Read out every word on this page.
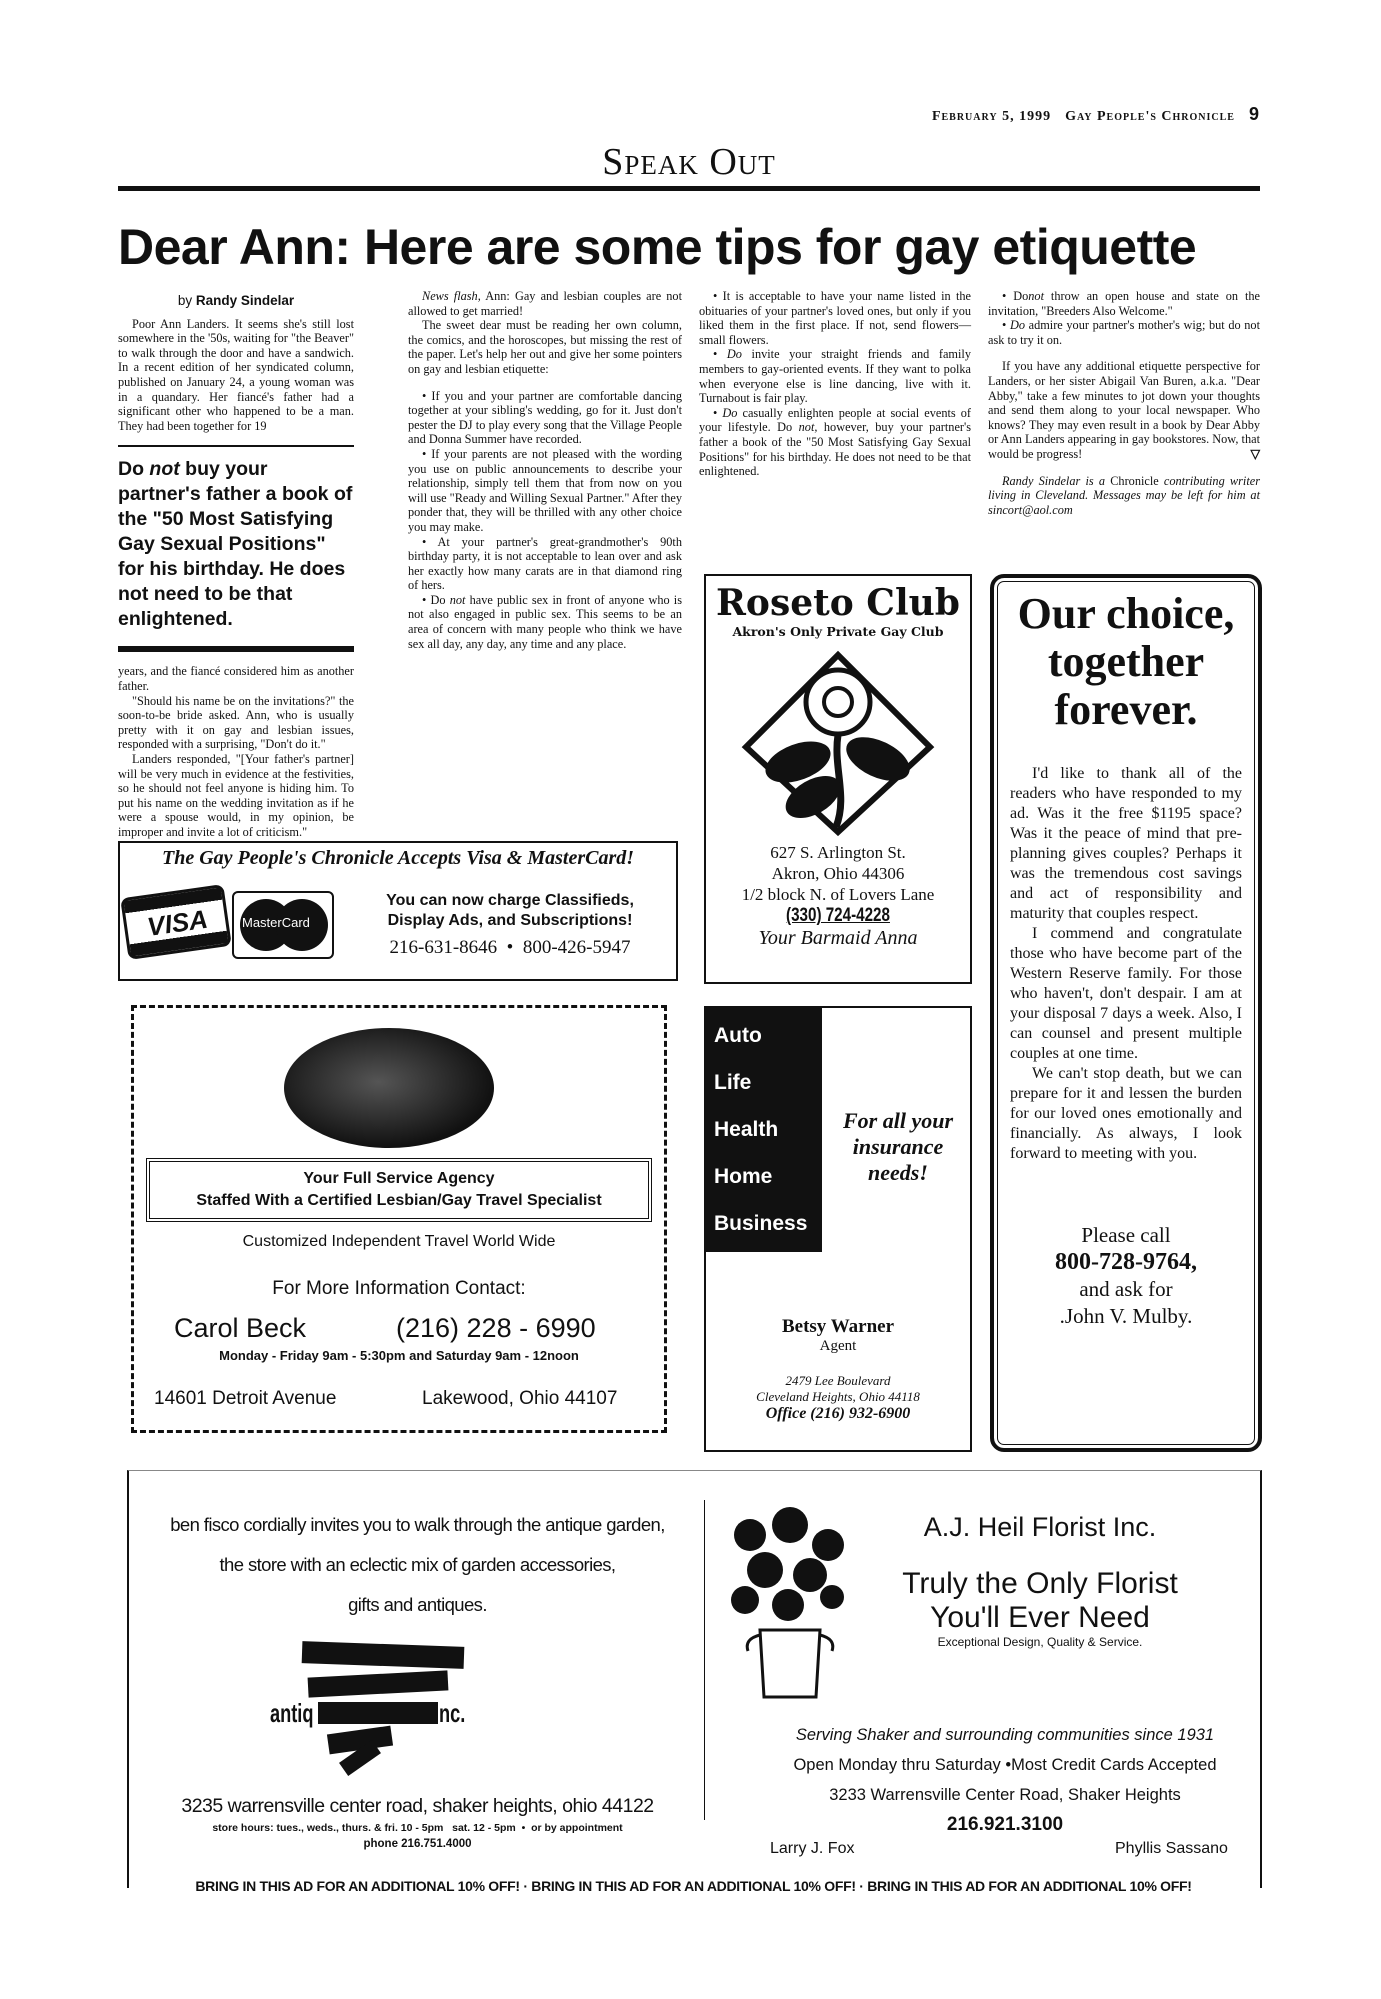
February 5, 1999 Gay People's Chronicle 9
Speak Out
Dear Ann: Here are some tips for gay etiquette
by Randy Sindelar

Poor Ann Landers. It seems she's still lost somewhere in the '50s, waiting for "the Beaver" to walk through the door and have a sandwich. In a recent edition of her syndicated column, published on January 24, a young woman was in a quandary. Her fiancé's father had a significant other who happened to be a man. They had been together for 19

Do not buy your partner's father a book of the "50 Most Satisfying Gay Sexual Positions" for his birthday. He does not need to be that enlightened.

years, and the fiancé considered him as another father.

"Should his name be on the invitations?" the soon-to-be bride asked. Ann, who is usually pretty with it on gay and lesbian issues, responded with a surprising, "Don't do it."

Landers responded, "[Your father's partner] will be very much in evidence at the festivities, so he should not feel anyone is hiding him. To put his name on the wedding invitation as if he were a spouse would, in my opinion, be improper and invite a lot of criticism."

News flash, Ann: Gay and lesbian couples are not allowed to get married!

The sweet dear must be reading her own column, the comics, and the horoscopes, but missing the rest of the paper. Let's help her out and give her some pointers on gay and lesbian etiquette:

• If you and your partner are comfortable dancing together at your sibling's wedding, go for it. Just don't pester the DJ to play every song that the Village People and Donna Summer have recorded.

• If your parents are not pleased with the wording you use on public announcements to describe your relationship, simply tell them that from now on you will use "Ready and Willing Sexual Partner." After they ponder that, they will be thrilled with any other choice you may make.

• At your partner's great-grandmother's 90th birthday party, it is not acceptable to lean over and ask her exactly how many carats are in that diamond ring of hers.

• Do not have public sex in front of anyone who is not also engaged in public sex. This seems to be an area of concern with many people who think we have sex all day, any day, any time and any place.

• It is acceptable to have your name listed in the obituaries of your partner's loved ones, but only if you liked them in the first place. If not, send flowers—small flowers.

• Do invite your straight friends and family members to gay-oriented events. If they want to polka when everyone else is line dancing, live with it. Turnabout is fair play.

• Do casually enlighten people at social events of your lifestyle. Do not, however, buy your partner's father a book of the "50 Most Satisfying Gay Sexual Positions" for his birthday. He does not need to be that enlightened.

• Donot throw an open house and state on the invitation, "Breeders Also Welcome."

• Do admire your partner's mother's wig; but do not ask to try it on.

If you have any additional etiquette perspective for Landers, or her sister Abigail Van Buren, a.k.a. "Dear Abby," take a few minutes to jot down your thoughts and send them along to your local newspaper. Who knows? They may even result in a book by Dear Abby or Ann Landers appearing in gay bookstores. Now, that would be progress!	▽

Randy Sindelar is a Chronicle contributing writer living in Cleveland. Messages may be left for him at sincort@aol.com

The Gay People's Chronicle Accepts Visa & MasterCard!
VISA MasterCard
You can now charge Classifieds,
Display Ads, and Subscriptions!
216-631-8646 • 800-426-5947
Your Full Service Agency
Staffed With a Certified Lesbian/Gay Travel Specialist
Customized Independent Travel World Wide
For More Information Contact:
Carol Beck	(216) 228 - 6990
Monday - Friday 9am - 5:30pm and Saturday 9am - 12noon
14601 Detroit Avenue	Lakewood, Ohio 44107
Roseto Club
Akron's Only Private Gay Club
627 S. Arlington St.
Akron, Ohio 44306
1/2 block N. of Lovers Lane
(330) 724-4228
Your Barmaid Anna
Auto
Life
Health
Home
Business
For all your insurance needs!
Betsy Warner
Agent
2479 Lee Boulevard
Cleveland Heights, Ohio 44118
Office (216) 932-6900
Our choice, together forever.

I'd like to thank all of the readers who have responded to my ad. Was it the free $1195 space? Was it the peace of mind that pre-planning gives couples? Perhaps it was the tremendous cost savings and act of responsibility and maturity that couples respect.

I commend and congratulate those who have become part of the Western Reserve family. For those who haven't, don't despair. I am at your disposal 7 days a week. Also, I can counsel and present multiple couples at one time.

We can't stop death, but we can prepare for it and lessen the burden for our loved ones emotionally and financially. As always, I look forward to meeting with you.

Please call
800-728-9764,
and ask for
.John V. Mulby.
ben fisco cordially invites you to walk through the antique garden,
the store with an eclectic mix of garden accessories,
gifts and antiques.
antiq	inc.
3235 warrensville center road, shaker heights, ohio 44122
store hours: tues., weds., thurs. & fri. 10 - 5pm   sat. 12 - 5pm  •  or by appointment
phone 216.751.4000
A.J. Heil Florist Inc.
Truly the Only Florist
You'll Ever Need
Exceptional Design, Quality & Service.
Serving Shaker and surrounding communities since 1931
Open Monday thru Saturday •Most Credit Cards Accepted
3233 Warrensville Center Road, Shaker Heights
216.921.3100
Larry J. Fox	Phyllis Sassano
BRING IN THIS AD FOR AN ADDITIONAL 10% OFF! · BRING IN THIS AD FOR AN ADDITIONAL 10% OFF! · BRING IN THIS AD FOR AN ADDITIONAL 10% OFF!
